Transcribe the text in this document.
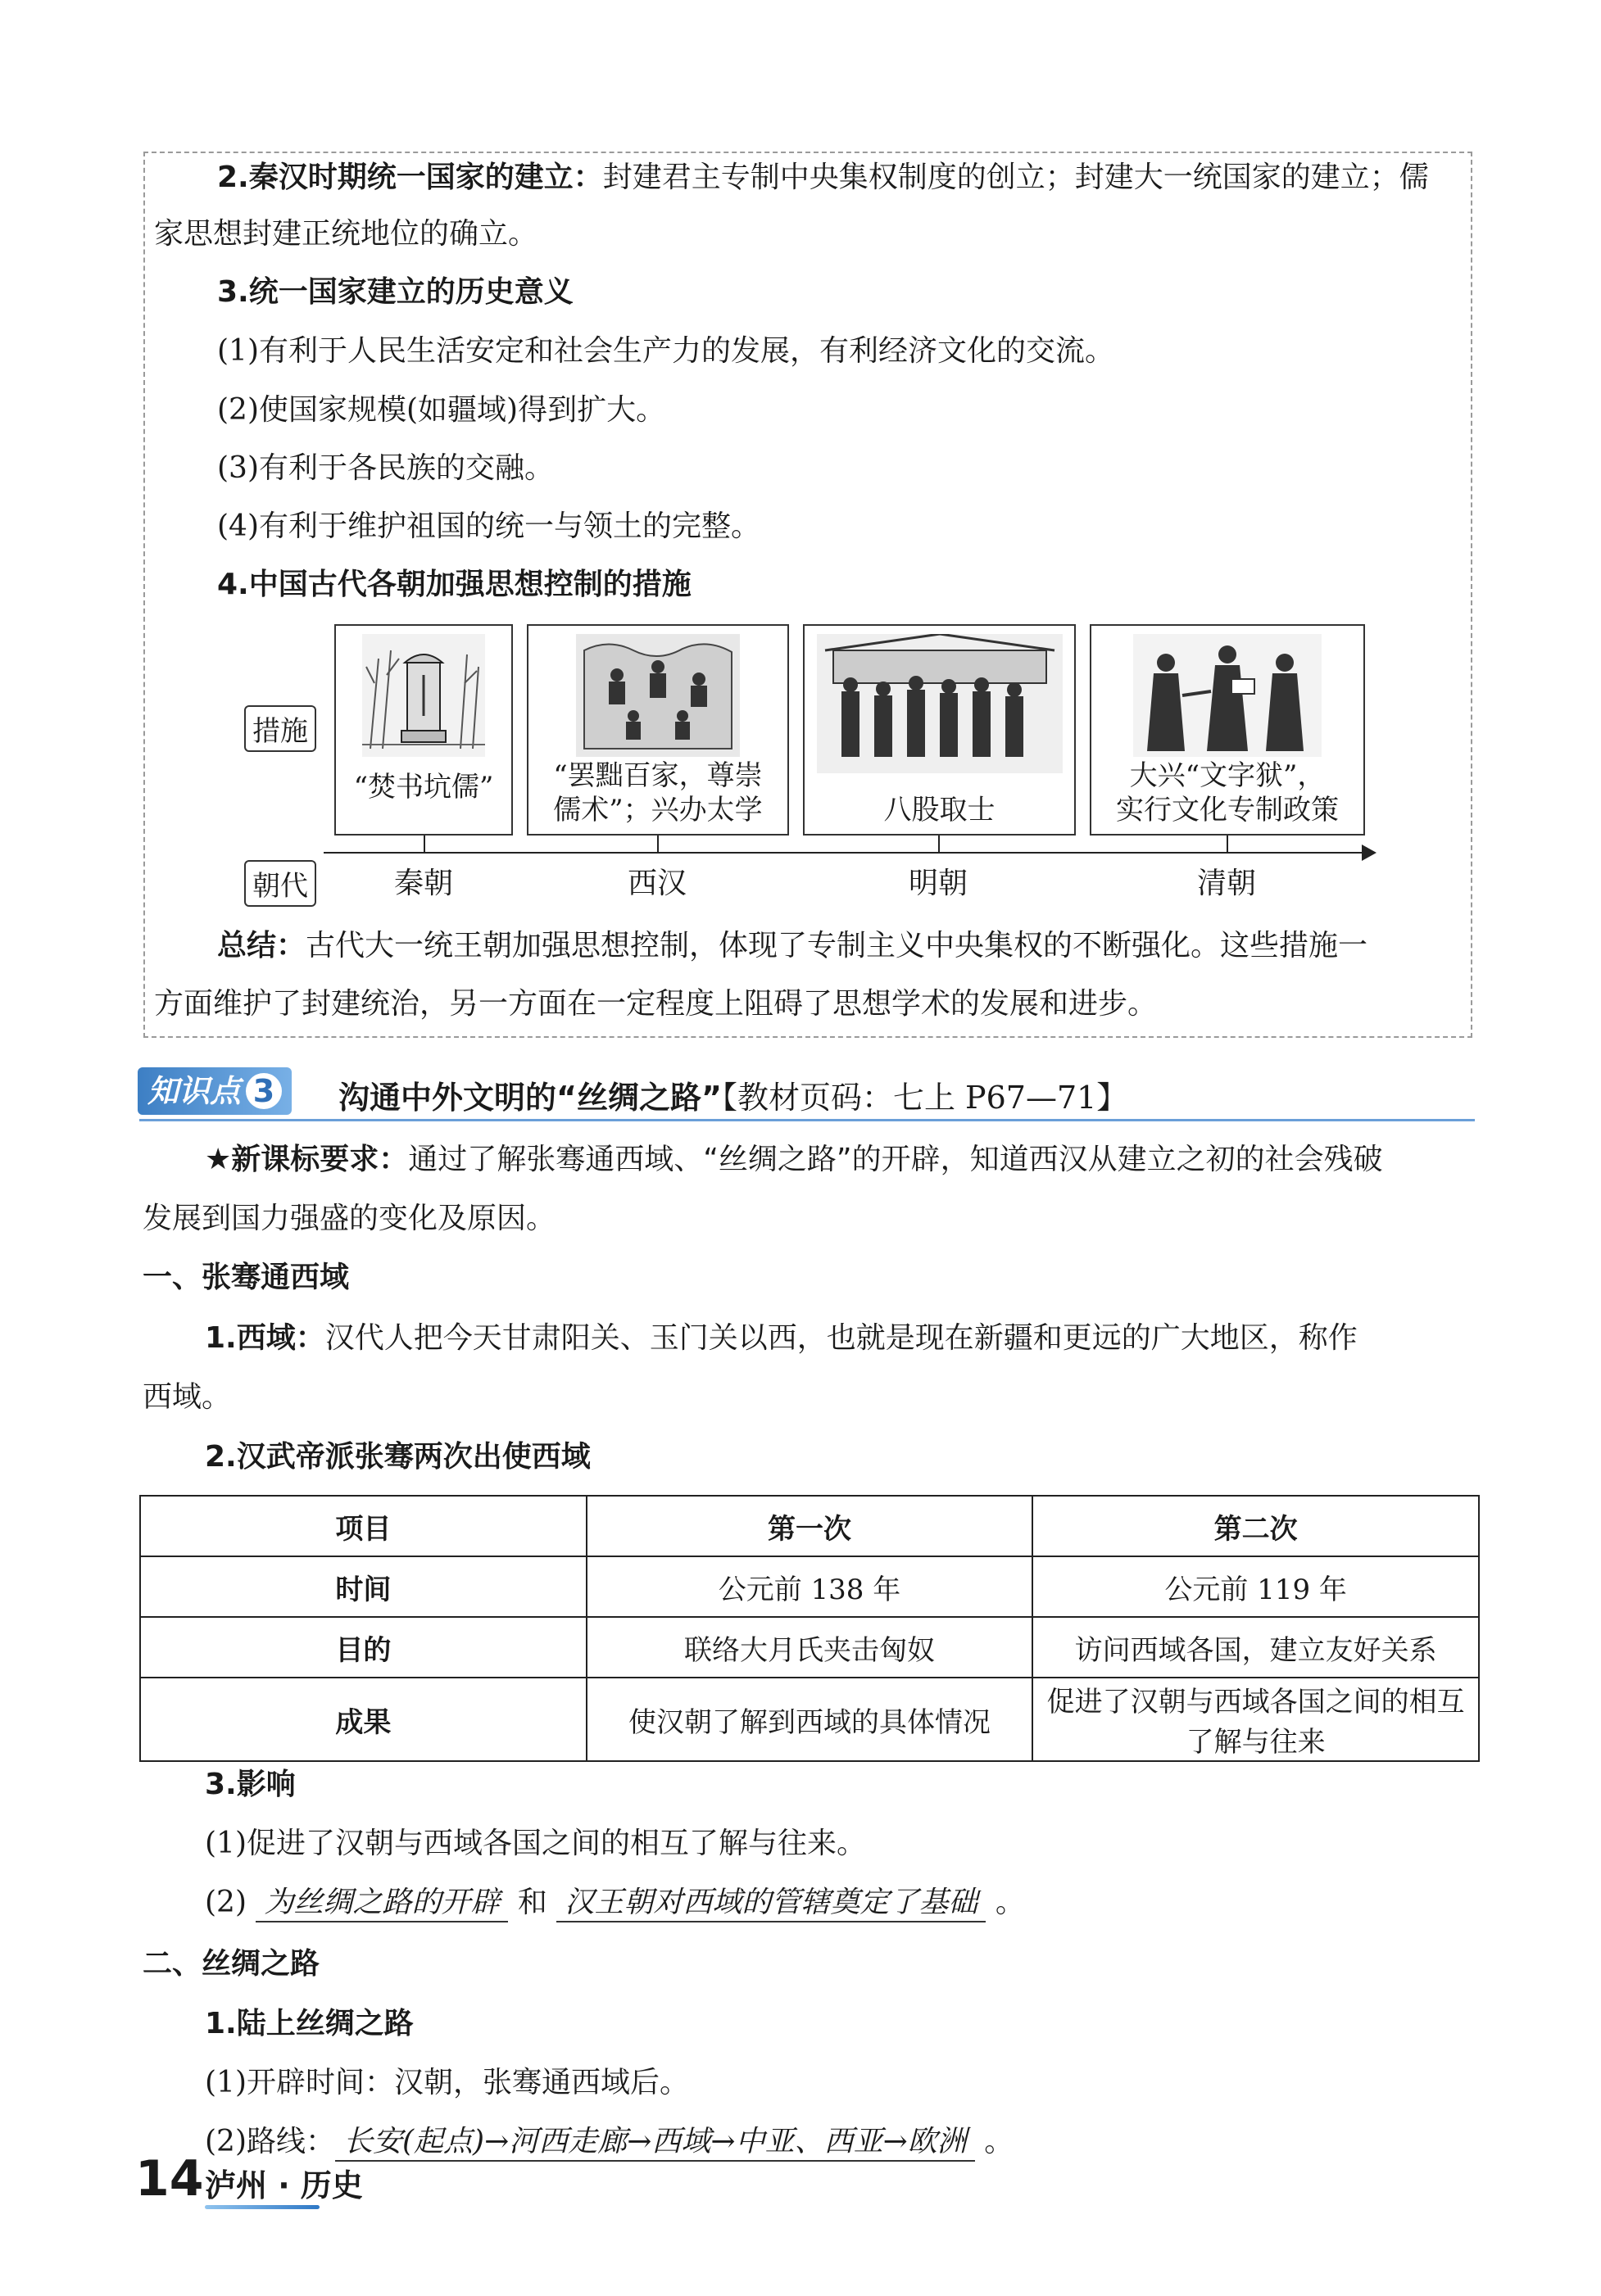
2.秦汉时期统一国家的建立：封建君主专制中央集权制度的创立；封建大一统国家的建立；儒
家思想封建正统地位的确立。
3.统一国家建立的历史意义
(1)有利于人民生活安定和社会生产力的发展，有利经济文化的交流。
(2)使国家规模(如疆域)得到扩大。
(3)有利于各民族的交融。
(4)有利于维护祖国的统一与领土的完整。
4.中国古代各朝加强思想控制的措施
措施
朝代
“焚书坑儒”	“罢黜百家，尊崇
儒术”；兴办太学	八股取士
大兴“文字狱”，
实行文化专制政策
秦朝	西汉	明朝	清朝
总结：古代大一统王朝加强思想控制，体现了专制主义中央集权的不断强化。这些措施一
方面维护了封建统治，另一方面在一定程度上阻碍了思想学术的发展和进步。
知识点 3	沟通中外文明的“丝绸之路”【教材页码：七上 P67—71】
★新课标要求：通过了解张骞通西域、“丝绸之路”的开辟，知道西汉从建立之初的社会残破
发展到国力强盛的变化及原因。
一、张骞通西域
1.西域：汉代人把今天甘肃阳关、玉门关以西，也就是现在新疆和更远的广大地区，称作
西域。
2.汉武帝派张骞两次出使西域
项目	第一次	第二次
时间	公元前 138 年	公元前 119 年
目的	联络大月氏夹击匈奴	访问西域各国，建立友好关系
成果	使汉朝了解到西域的具体情况	促进了汉朝与西域各国之间的相互了解与往来
3.影响
(1)促进了汉朝与西域各国之间的相互了解与往来。
(2) 为丝绸之路的开辟 和 汉王朝对西域的管辖奠定了基础 。
二、丝绸之路
1.陆上丝绸之路
(1)开辟时间：汉朝，张骞通西域后。
(2)路线： 长安(起点)→河西走廊→西域→中亚、西亚→欧洲 。
14 泸州 · 历史
